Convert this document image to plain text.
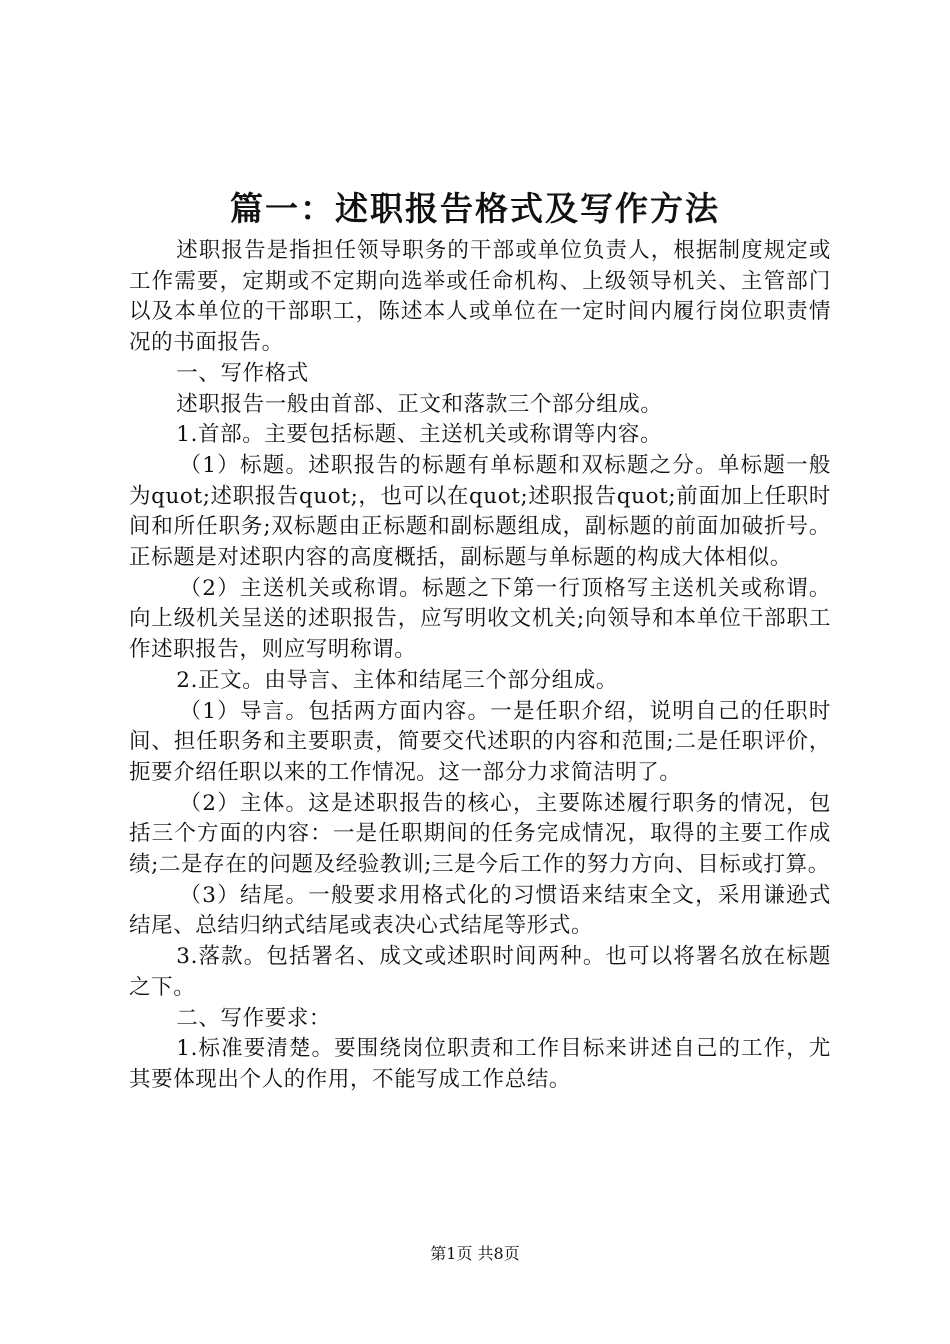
篇一：述职报告格式及写作方法

述职报告是指担任领导职务的干部或单位负责人，根据制度规定或工作需要，定期或不定期向选举或任命机构、上级领导机关、主管部门以及本单位的干部职工，陈述本人或单位在一定时间内履行岗位职责情况的书面报告。

一、写作格式

述职报告一般由首部、正文和落款三个部分组成。

1.首部。主要包括标题、主送机关或称谓等内容。

（1）标题。述职报告的标题有单标题和双标题之分。单标题一般为quot;述职报告quot;，也可以在quot;述职报告quot;前面加上任职时间和所任职务;双标题由正标题和副标题组成，副标题的前面加破折号。正标题是对述职内容的高度概括，副标题与单标题的构成大体相似。

（2）主送机关或称谓。标题之下第一行顶格写主送机关或称谓。向上级机关呈送的述职报告，应写明收文机关;向领导和本单位干部职工作述职报告，则应写明称谓。

2.正文。由导言、主体和结尾三个部分组成。

（1）导言。包括两方面内容。一是任职介绍，说明自己的任职时间、担任职务和主要职责，简要交代述职的内容和范围;二是任职评价，扼要介绍任职以来的工作情况。这一部分力求简洁明了。

（2）主体。这是述职报告的核心，主要陈述履行职务的情况，包括三个方面的内容：一是任职期间的任务完成情况，取得的主要工作成绩;二是存在的问题及经验教训;三是今后工作的努力方向、目标或打算。

（3）结尾。一般要求用格式化的习惯语来结束全文，采用谦逊式结尾、总结归纳式结尾或表决心式结尾等形式。

3.落款。包括署名、成文或述职时间两种。也可以将署名放在标题之下。

二、写作要求：

1.标准要清楚。要围绕岗位职责和工作目标来讲述自己的工作，尤其要体现出个人的作用，不能写成工作总结。

第1页 共8页
